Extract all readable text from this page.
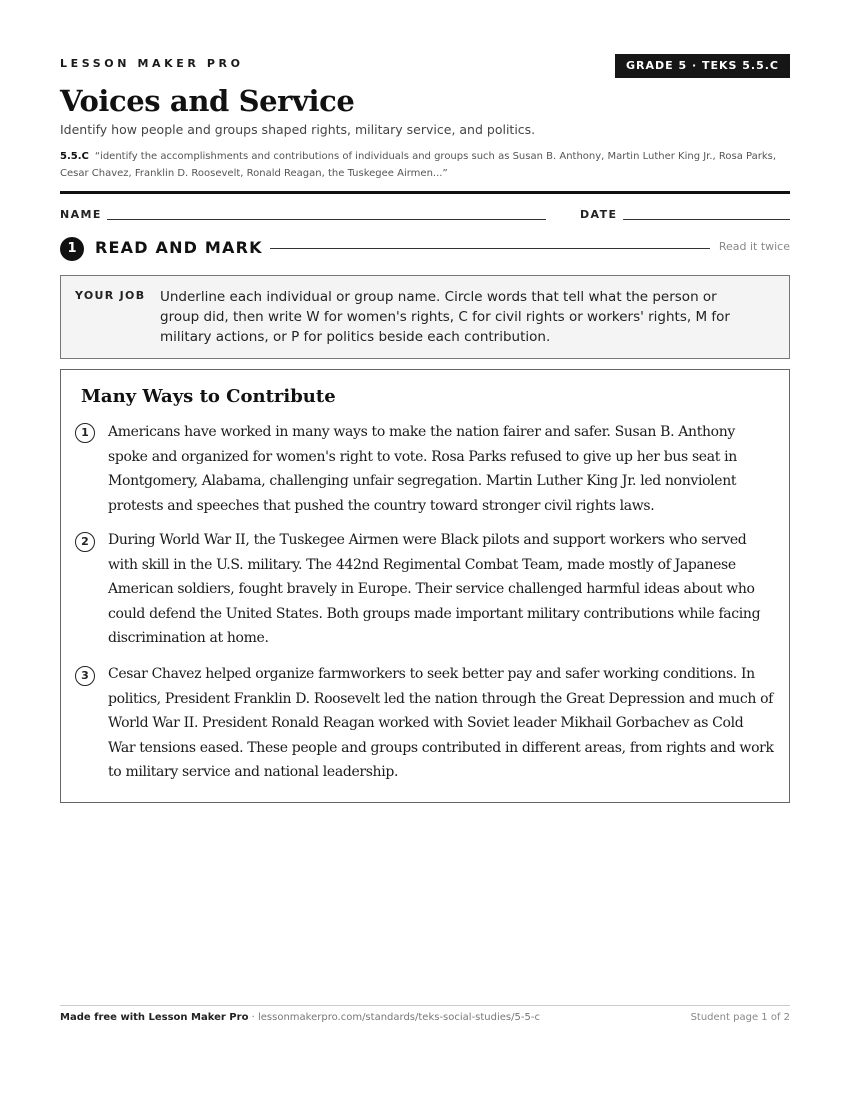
LESSON MAKER PRO	GRADE 5 · TEKS 5.5.C
Voices and Service
Identify how people and groups shaped rights, military service, and politics.
5.5.C “identify the accomplishments and contributions of individuals and groups such as Susan B. Anthony, Martin Luther King Jr., Rosa Parks, Cesar Chavez, Franklin D. Roosevelt, Ronald Reagan, the Tuskegee Airmen...”
NAME	DATE
1	READ AND MARK	Read it twice
YOUR JOB Underline each individual or group name. Circle words that tell what the person or group did, then write W for women's rights, C for civil rights or workers' rights, M for military actions, or P for politics beside each contribution.
Many Ways to Contribute
1	Americans have worked in many ways to make the nation fairer and safer. Susan B. Anthony spoke and organized for women's right to vote. Rosa Parks refused to give up her bus seat in Montgomery, Alabama, challenging unfair segregation. Martin Luther King Jr. led nonviolent protests and speeches that pushed the country toward stronger civil rights laws.

2	During World War II, the Tuskegee Airmen were Black pilots and support workers who served with skill in the U.S. military. The 442nd Regimental Combat Team, made mostly of Japanese American soldiers, fought bravely in Europe. Their service challenged harmful ideas about who could defend the United States. Both groups made important military contributions while facing discrimination at home.

3	Cesar Chavez helped organize farmworkers to seek better pay and safer working conditions. In politics, President Franklin D. Roosevelt led the nation through the Great Depression and much of World War II. President Ronald Reagan worked with Soviet leader Mikhail Gorbachev as Cold War tensions eased. These people and groups contributed in different areas, from rights and work to military service and national leadership.

Made free with Lesson Maker Pro · lessonmakerpro.com/standards/teks-social-studies/5-5-c	Student page 1 of 2
